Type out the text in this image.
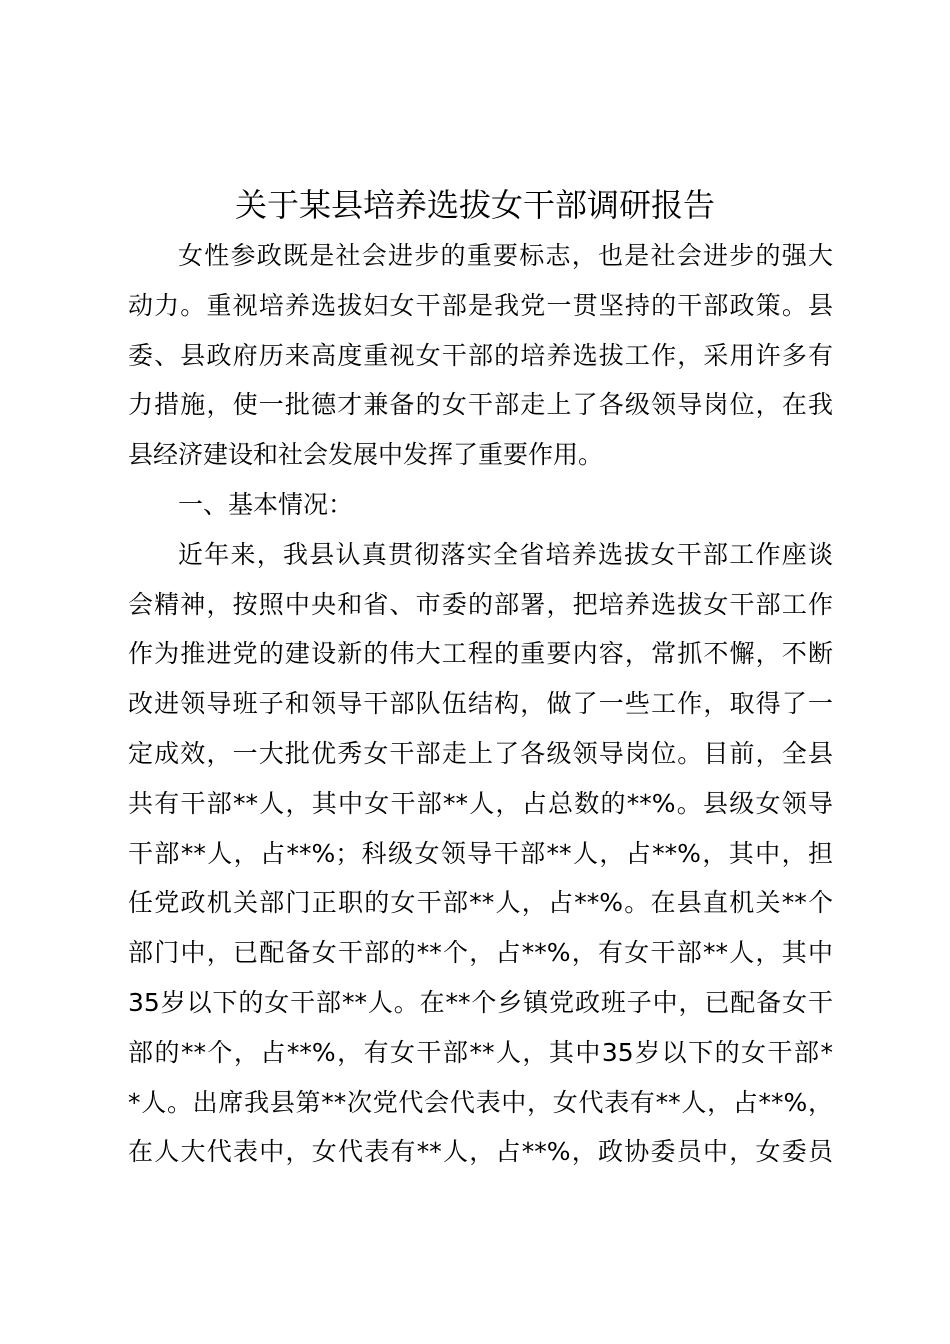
关于某县培养选拔女干部调研报告
女性参政既是社会进步的重要标志，也是社会进步的强大
动力。重视培养选拔妇女干部是我党一贯坚持的干部政策。县
委、县政府历来高度重视女干部的培养选拔工作，采用许多有
力措施，使一批德才兼备的女干部走上了各级领导岗位，在我
县经济建设和社会发展中发挥了重要作用。
一、基本情况：
近年来，我县认真贯彻落实全省培养选拔女干部工作座谈
会精神，按照中央和省、市委的部署，把培养选拔女干部工作
作为推进党的建设新的伟大工程的重要内容，常抓不懈，不断
改进领导班子和领导干部队伍结构，做了一些工作，取得了一
定成效，一大批优秀女干部走上了各级领导岗位。目前，全县
共有干部**人，其中女干部**人，占总数的**%。县级女领导
干部**人，占**%；科级女领导干部**人，占**%，其中，担
任党政机关部门正职的女干部**人，占**%。在县直机关**个
部门中，已配备女干部的**个，占**%，有女干部**人，其中
35岁以下的女干部**人。在**个乡镇党政班子中，已配备女干
部的**个，占**%，有女干部**人，其中35岁以下的女干部*
*人。出席我县第**次党代会代表中，女代表有**人，占**%，
在人大代表中，女代表有**人，占**%，政协委员中，女委员
